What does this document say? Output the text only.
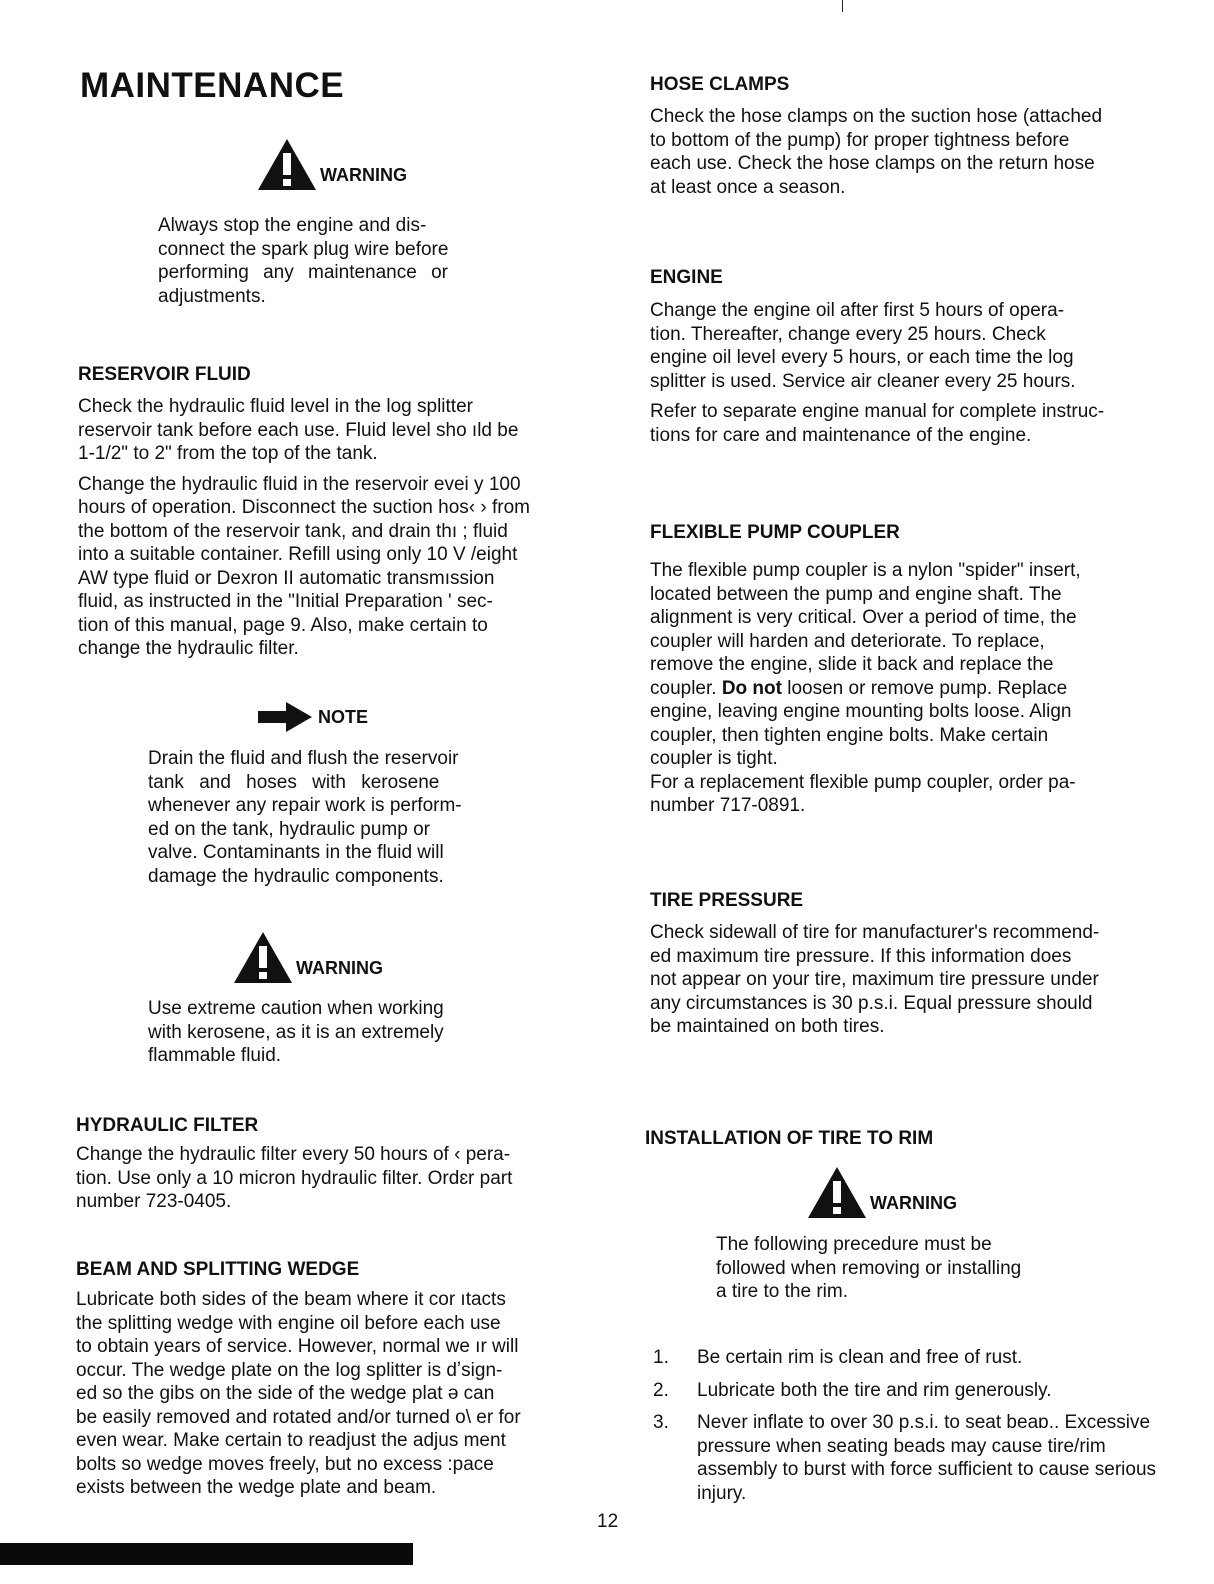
MAINTENANCE
WARNING

Always stop the engine and dis-

connect the spark plug wire before

performing any maintenance or

adjustments.

RESERVOIR FLUID

Check the hydraulic fluid level in the log splitter

reservoir tank before each use. Fluid level sho ıld be

1-1/2" to 2" from the top of the tank.

Change the hydraulic fluid in the reservoir evei y 100

hours of operation. Disconnect the suction hos‹ › from

the bottom of the reservoir tank, and drain thı ; fluid

into a suitable container. Refill using only 10 V /eight

AW type fluid or Dexron II automatic transmıssion

fluid, as instructed in the "Initial Preparation ' sec-

tion of this manual, page 9. Also, make certain to

change the hydraulic filter.

NOTE

Drain the fluid and flush the reservoir

tank and hoses with kerosene

whenever any repair work is perform-

ed on the tank, hydraulic pump or

valve. Contaminants in the fluid will

damage the hydraulic components.

WARNING

Use extreme caution when working

with kerosene, as it is an extremely

flammable fluid.

HYDRAULIC FILTER

Change the hydraulic filter every 50 hours of ‹ pera-

tion. Use only a 10 micron hydraulic filter. Ordɛr part

number 723-0405.

BEAM AND SPLITTING WEDGE

Lubricate both sides of the beam where it cor ıtacts

the splitting wedge with engine oil before each use

to obtain years of service. However, normal we ır will

occur. The wedge plate on the log splitter is dʼsign-

ed so the gibs on the side of the wedge plat ə can

be easily removed and rotated and/or turned o\ er for

even wear. Make certain to readjust the adjus ment

bolts so wedge moves freely, but no excess :pace

exists between the wedge plate and beam.

HOSE CLAMPS

Check the hose clamps on the suction hose (attached

to bottom of the pump) for proper tightness before

each use. Check the hose clamps on the return hose

at least once a season.

ENGINE

Change the engine oil after first 5 hours of opera-

tion. Thereafter, change every 25 hours. Check

engine oil level every 5 hours, or each time the log

splitter is used. Service air cleaner every 25 hours.

Refer to separate engine manual for complete instruc-

tions for care and maintenance of the engine.

FLEXIBLE PUMP COUPLER

The flexible pump coupler is a nylon "spider" insert,

located between the pump and engine shaft. The

alignment is very critical. Over a period of time, the

coupler will harden and deteriorate. To replace,

remove the engine, slide it back and replace the

coupler. Do not loosen or remove pump. Replace

engine, leaving engine mounting bolts loose. Align

coupler, then tighten engine bolts. Make certain

coupler is tight.

For a replacement flexible pump coupler, order pa‐

number 717-0891.

TIRE PRESSURE

Check sidewall of tire for manufacturer's recommend-

ed maximum tire pressure. If this information does

not appear on your tire, maximum tire pressure under

any circumstances is 30 p.s.i. Equal pressure should

be maintained on both tires.

INSTALLATION OF TIRE TO RIM
WARNING

The following precedure must be

followed when removing or installing

a tire to the rim.

1.	Be certain rim is clean and free of rust.
2.	Lubricate both the tire and rim generously.
3.	Never inflate to over 30 p.s.i. to seat beaɒ.. Excessive pressure when seating beads may cause tire/rim assembly to burst with force sufficient to cause serious injury.
12
